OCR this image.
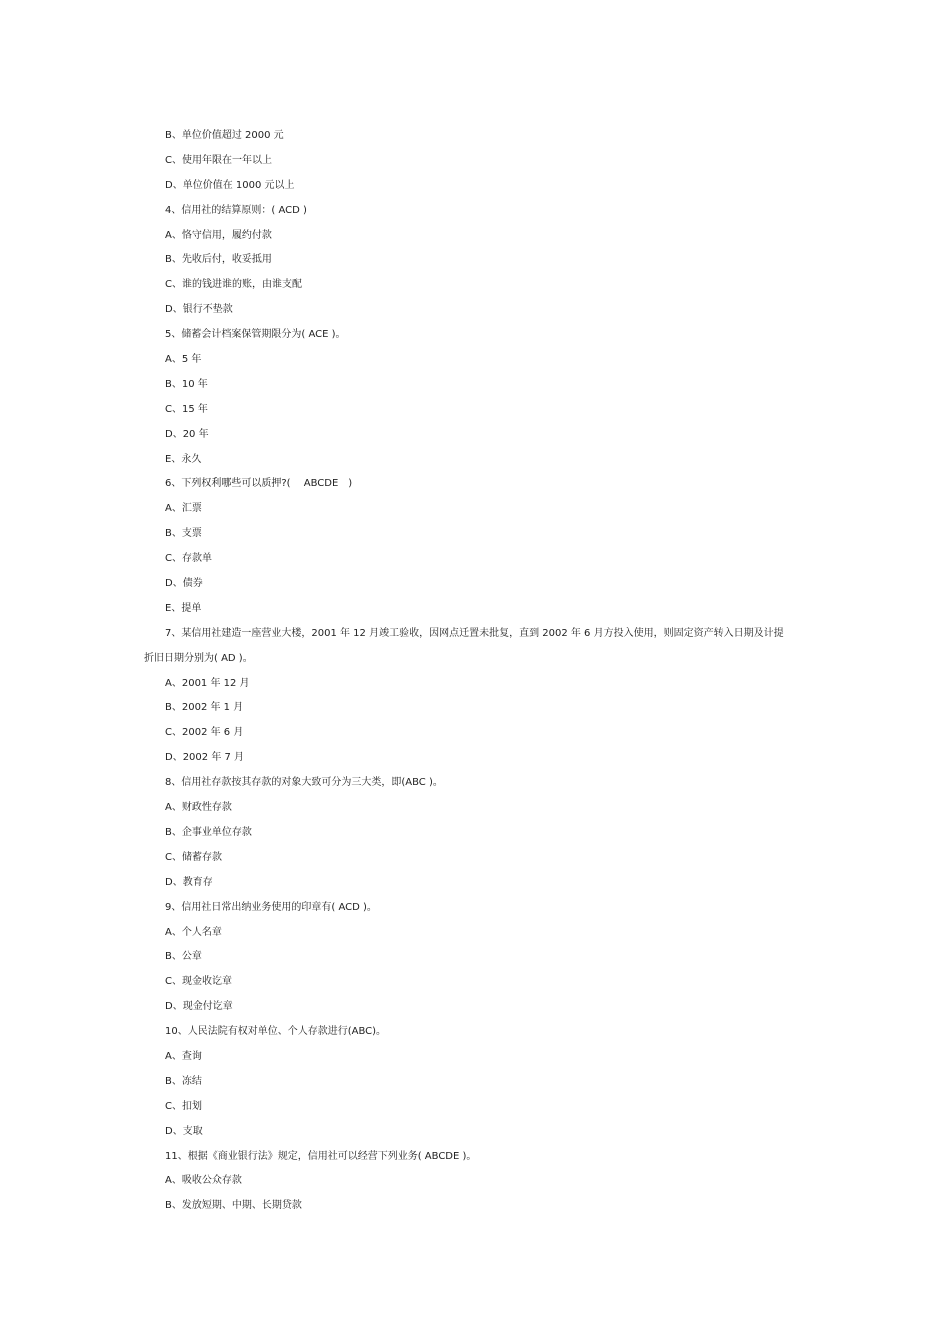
B、单位价值超过 2000 元
C、使用年限在一年以上
D、单位价值在 1000 元以上
4、信用社的结算原则：( ACD )
A、恪守信用，履约付款
B、先收后付，收妥抵用
C、谁的钱进谁的账，由谁支配
D、银行不垫款
5、储蓄会计档案保管期限分为( ACE )。
A、5 年
B、10 年
C、15 年
D、20 年
E、永久
6、下列权利哪些可以质押?(　 ABCDE　)
A、汇票
B、支票
C、存款单
D、债券
E、提单
7、某信用社建造一座营业大楼，2001 年 12 月竣工验收，因网点迁置未批复，直到 2002 年 6 月方投入使用，则固定资产转入日期及计提
折旧日期分别为( AD )。
A、2001 年 12 月
B、2002 年 1 月
C、2002 年 6 月
D、2002 年 7 月
8、信用社存款按其存款的对象大致可分为三大类，即(ABC )。
A、财政性存款
B、企事业单位存款
C、储蓄存款
D、教育存
9、信用社日常出纳业务使用的印章有( ACD )。
A、个人名章
B、公章
C、现金收讫章
D、现金付讫章
10、人民法院有权对单位、个人存款进行(ABC)。
A、查询
B、冻结
C、扣划
D、支取
11、根据《商业银行法》规定，信用社可以经营下列业务( ABCDE )。
A、吸收公众存款
B、发放短期、中期、长期贷款
